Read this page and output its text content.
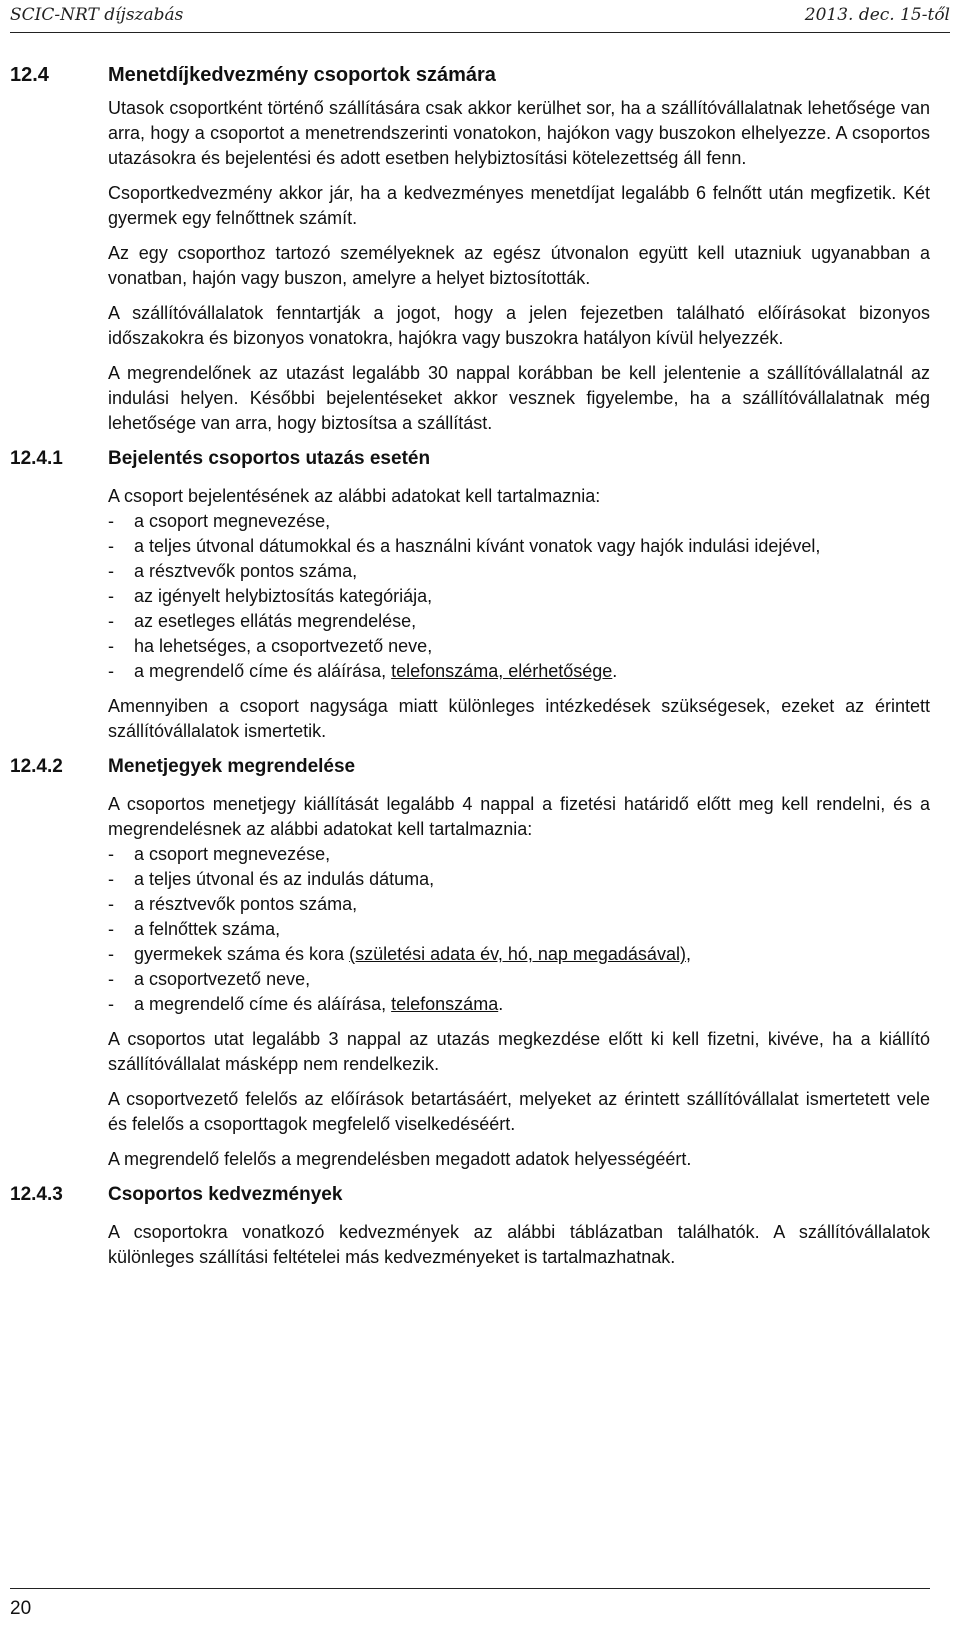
SCIC-NRT díjszabás	2013. dec. 15-től
12.4	Menetdíjkedvezmény csoportok számára

Utasok csoportként történő szállítására csak akkor kerülhet sor, ha a szállítóvállalatnak lehetősége van arra, hogy a csoportot a menetrendszerinti vonatokon, hajókon vagy buszokon elhelyezze. A csoportos utazásokra és bejelentési és adott esetben helybiztosítási kötelezettség áll fenn.

Csoportkedvezmény akkor jár, ha a kedvezményes menetdíjat legalább 6 felnőtt után megfizetik. Két gyermek egy felnőttnek számít.

Az egy csoporthoz tartozó személyeknek az egész útvonalon együtt kell utazniuk ugyanabban a vonatban, hajón vagy buszon, amelyre a helyet biztosították.

A szállítóvállalatok fenntartják a jogot, hogy a jelen fejezetben található előírásokat bizonyos időszakokra és bizonyos vonatokra, hajókra vagy buszokra hatályon kívül helyezzék.

A megrendelőnek az utazást legalább 30 nappal korábban be kell jelentenie a szállítóvállalatnál az indulási helyen. Későbbi bejelentéseket akkor vesznek figyelembe, ha a szállítóvállalatnak még lehetősége van arra, hogy biztosítsa a szállítást.

12.4.1	Bejelentés csoportos utazás esetén
A csoport bejelentésének az alábbi adatokat kell tartalmaznia:
-	a csoport megnevezése,
-	a teljes útvonal dátumokkal és a használni kívánt vonatok vagy hajók indulási idejével,
-	a résztvevők pontos száma,
-	az igényelt helybiztosítás kategóriája,
-	az esetleges ellátás megrendelése,
-	ha lehetséges, a csoportvezető neve,
-	a megrendelő címe és aláírása, telefonszáma, elérhetősége.

Amennyiben a csoport nagysága miatt különleges intézkedések szükségesek, ezeket az érintett szállítóvállalatok ismertetik.

12.4.2	Menetjegyek megrendelése
A csoportos menetjegy kiállítását legalább 4 nappal a fizetési határidő előtt meg kell rendelni, és a megrendelésnek az alábbi adatokat kell tartalmaznia:
-	a csoport megnevezése,
-	a teljes útvonal és az indulás dátuma,
-	a résztvevők pontos száma,
-	a felnőttek száma,
-	gyermekek száma és kora (születési adata év, hó, nap megadásával),
-	a csoportvezető neve,
-	a megrendelő címe és aláírása, telefonszáma.

A csoportos utat legalább 3 nappal az utazás megkezdése előtt ki kell fizetni, kivéve, ha a kiállító szállítóvállalat másképp nem rendelkezik.

A csoportvezető felelős az előírások betartásáért, melyeket az érintett szállítóvállalat ismertetett vele és felelős a csoporttagok megfelelő viselkedéséért.

A megrendelő felelős a megrendelésben megadott adatok helyességéért.

12.4.3	Csoportos kedvezmények

A csoportokra vonatkozó kedvezmények az alábbi táblázatban találhatók. A szállítóvállalatok különleges szállítási feltételei más kedvezményeket is tartalmazhatnak.

20
